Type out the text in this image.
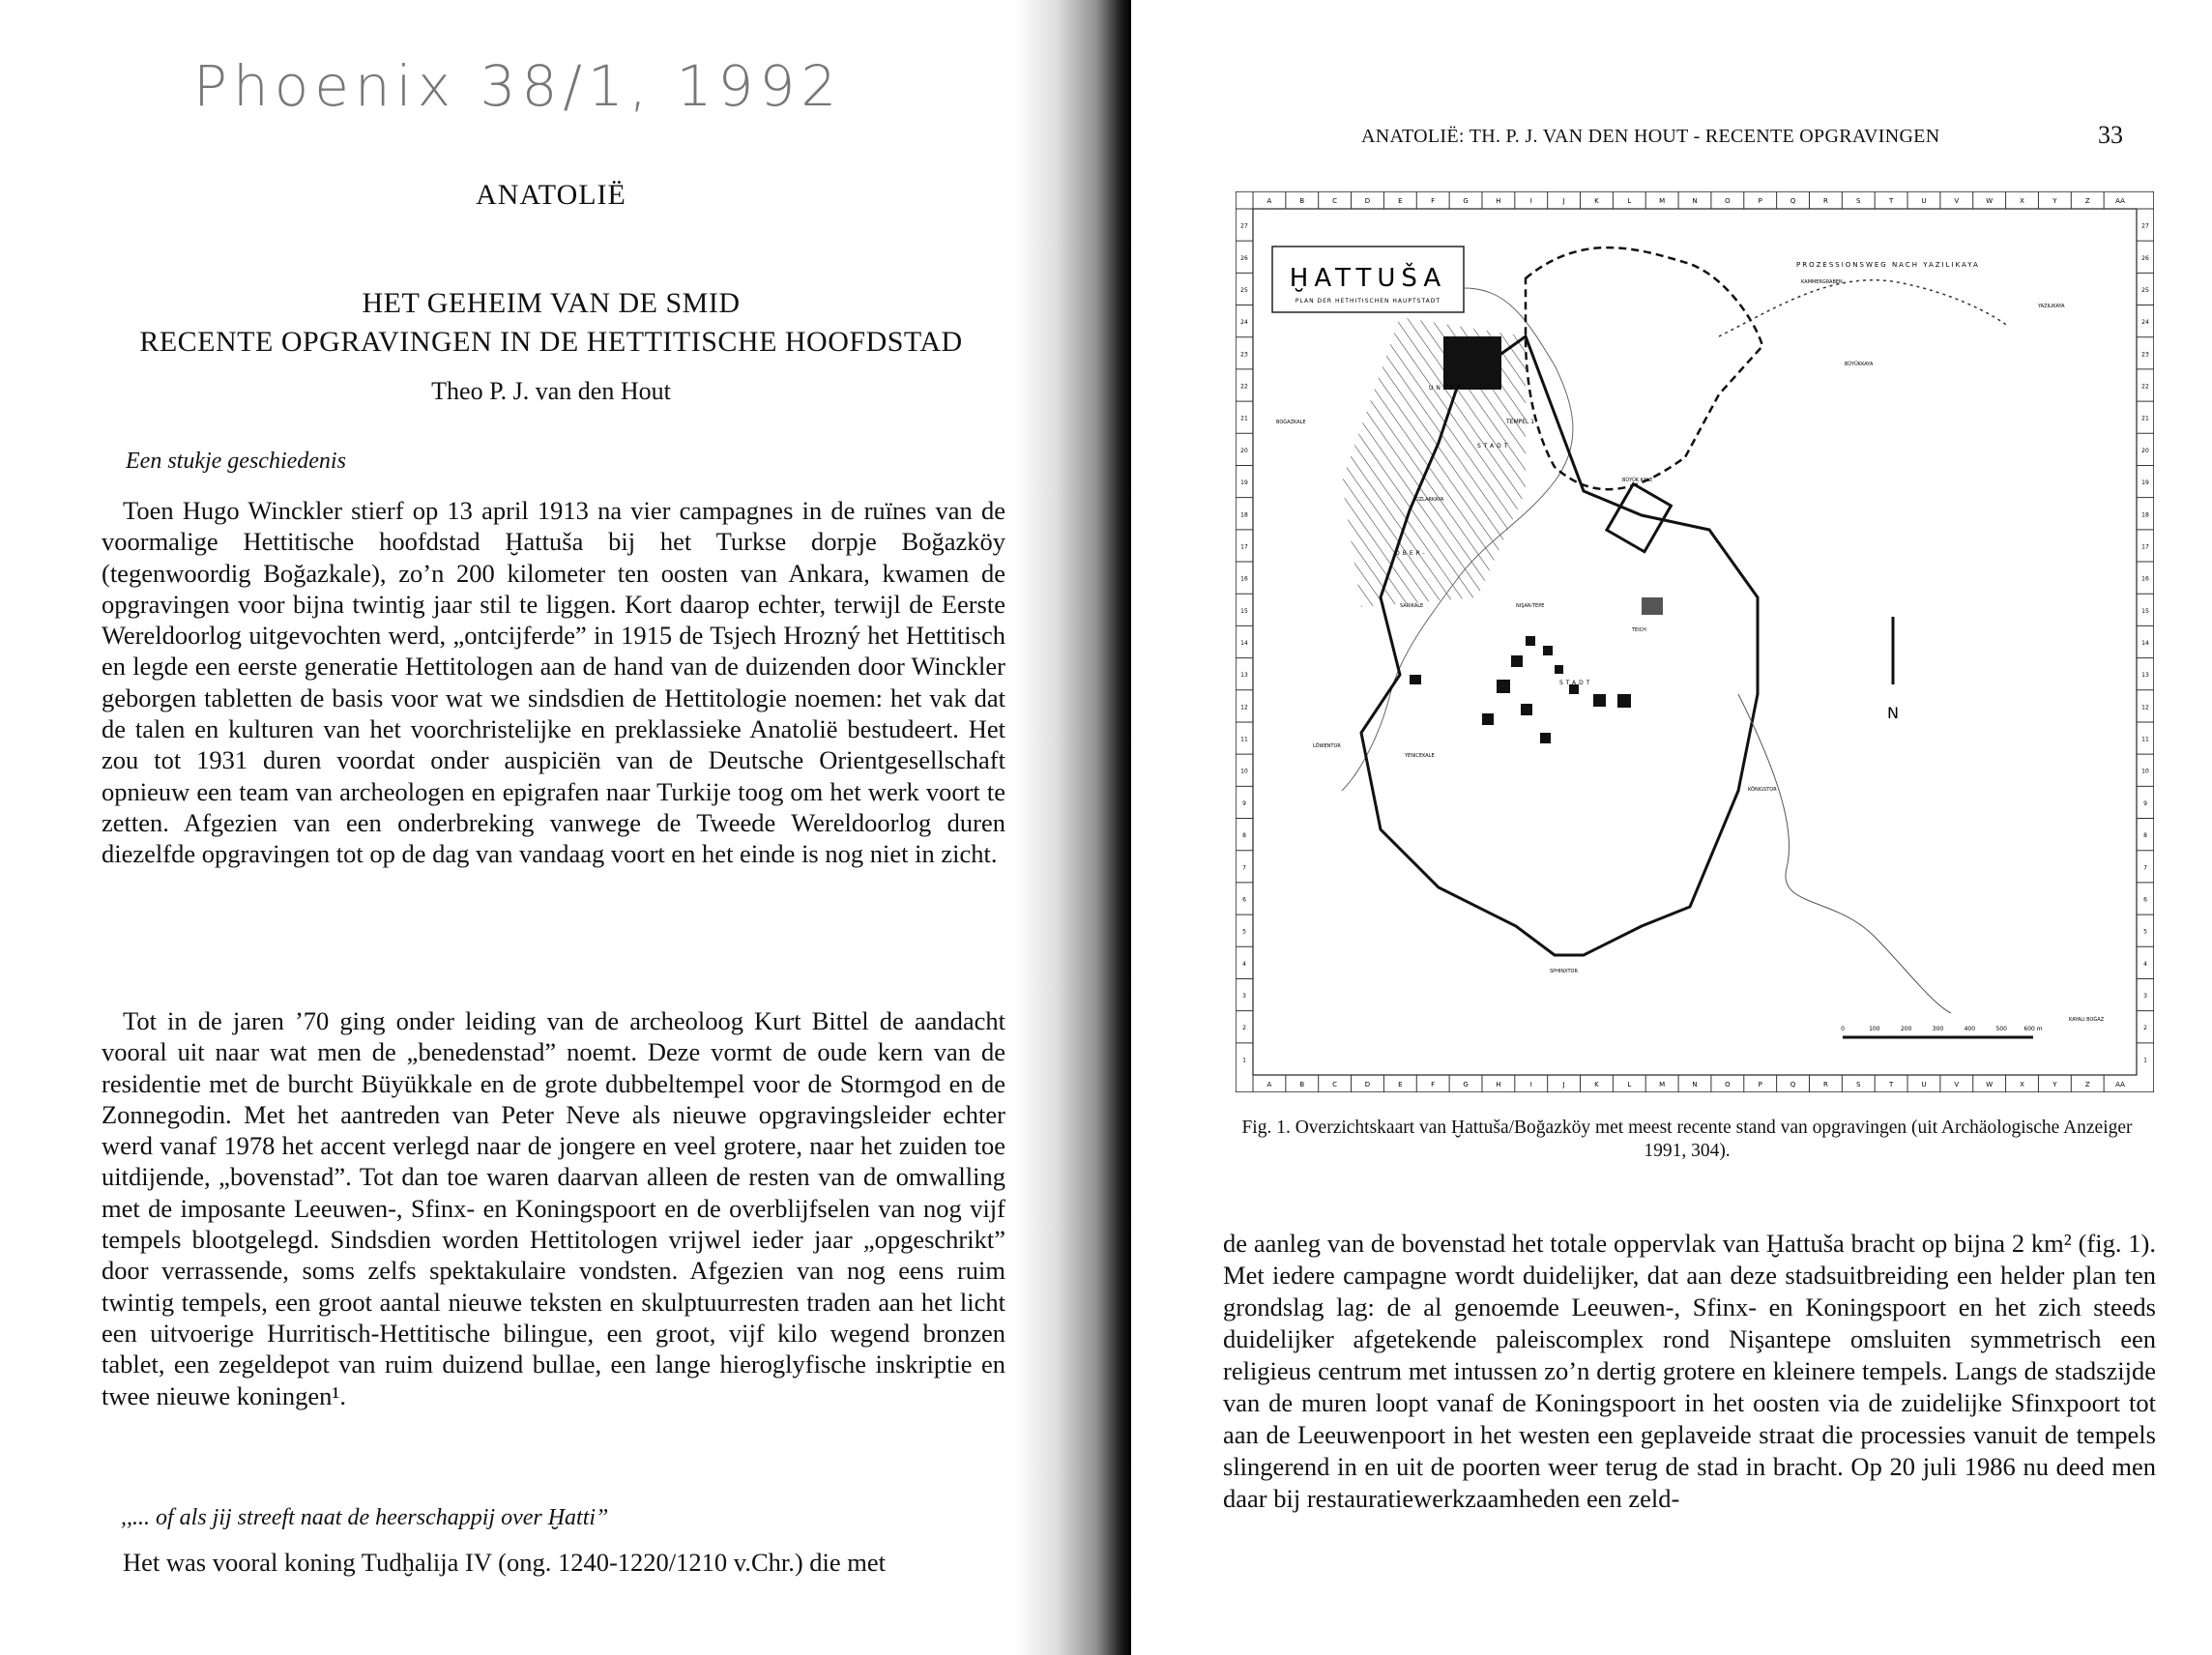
Phoenix 38/1, 1992
ANATOLIË
HET GEHEIM VAN DE SMID
RECENTE OPGRAVINGEN IN DE HETTITISCHE HOOFDSTAD
Theo P. J. van den Hout
Een stukje geschiedenis

Toen Hugo Winckler stierf op 13 april 1913 na vier campagnes in de ruïnes van de voormalige Hettitische hoofdstad Ḫattuša bij het Turkse dorpje Boğazköy (tegenwoordig Boğazkale), zo’n 200 kilometer ten oosten van Ankara, kwamen de opgravingen voor bijna twintig jaar stil te liggen. Kort daarop echter, terwijl de Eerste Wereldoorlog uitgevochten werd, „ontcijferde” in 1915 de Tsjech Hrozný het Hettitisch en legde een eerste generatie Hettitologen aan de hand van de duizenden door Winckler geborgen tabletten de basis voor wat we sindsdien de Hettitologie noemen: het vak dat de talen en kulturen van het voorchristelijke en preklassieke Anatolië bestudeert. Het zou tot 1931 duren voordat onder auspiciën van de Deutsche Orientgesellschaft opnieuw een team van archeologen en epigrafen naar Turkije toog om het werk voort te zetten. Afgezien van een onderbreking vanwege de Tweede Wereldoorlog duren diezelfde opgravingen tot op de dag van vandaag voort en het einde is nog niet in zicht.

Tot in de jaren ’70 ging onder leiding van de archeoloog Kurt Bittel de aandacht vooral uit naar wat men de „benedenstad” noemt. Deze vormt de oude kern van de residentie met de burcht Büyükkale en de grote dubbeltempel voor de Stormgod en de Zonnegodin. Met het aantreden van Peter Neve als nieuwe opgravingsleider echter werd vanaf 1978 het accent verlegd naar de jongere en veel grotere, naar het zuiden toe uitdijende, „bovenstad”. Tot dan toe waren daarvan alleen de resten van de omwalling met de imposante Leeuwen-, Sfinx- en Koningspoort en de overblijfselen van nog vijf tempels blootgelegd. Sindsdien worden Hettitologen vrijwel ieder jaar „opgeschrikt” door verrassende, soms zelfs spektakulaire vondsten. Afgezien van nog eens ruim twintig tempels, een groot aantal nieuwe teksten en skulptuurresten traden aan het licht een uitvoerige Hurritisch-Hettitische bilingue, een groot, vijf kilo wegend bronzen tablet, een zegeldepot van ruim duizend bullae, een lange hieroglyfische inskriptie en twee nieuwe koningen¹.

,,... of als jij streeft naat de heerschappij over Ḫatti”

Het was vooral koning Tudḫalija IV (ong. 1240-1220/1210 v.Chr.) die met

ANATOLIË: TH. P. J. VAN DEN HOUT - RECENTE OPGRAVINGEN	33
A
A
B
B
C
C
D
D
E
E
F
F
G
G
H
H
I
I
J
J
K
K
L
L
M
M
N
N
O
O
P
P
Q
Q
R
R
S
S
T
T
U
U
V
V
W
W
X
X
Y
Y
Z
Z
AA
AA
27	27
26	26
25	25
24	24
23	23
22	22
21	21
20	20
19	19
18	18
17	17
16	16
15	15
14	14
13	13
12	12
11	11
10	10
9	9
8	8
7	7
6	6
5	5
4	4
3	3
2	2
1	1
ḪATTUŠA
PLAN DER HETHITISCHEN HAUPTSTADT
PROZESSIONSWEG NACH YAZILIKAYA
KAMMERGRABEN
YAZILIKAYA
UNTER-
TEMPEL 1
STADT
BÜYÜK KALE
BÜYÜKKAYA
KIZLARKAYA
OBER-
STADT
NIŞAN-TEPE
SARIKALE
YENICEKALE
TEICH
LÖWENTOR
KÖNIGSTOR
SPHINXTOR
BOĞAZKALE
KAYALI BOĞAZ
N
0	100	200	300	400	500	600 m
Fig. 1. Overzichtskaart van Ḫattuša/Boğazköy met meest recente stand van opgravingen (uit Archäologische Anzeiger 1991, 304).

de aanleg van de bovenstad het totale oppervlak van Ḫattuša bracht op bijna 2 km² (fig. 1). Met iedere campagne wordt duidelijker, dat aan deze stadsuitbreiding een helder plan ten grondslag lag: de al genoemde Leeuwen-, Sfinx- en Koningspoort en het zich steeds duidelijker afgetekende paleiscomplex rond Nişantepe omsluiten symmetrisch een religieus centrum met intussen zo’n dertig grotere en kleinere tempels. Langs de stadszijde van de muren loopt vanaf de Koningspoort in het oosten via de zuidelijke Sfinxpoort tot aan de Leeuwenpoort in het westen een geplaveide straat die processies vanuit de tempels slingerend in en uit de poorten weer terug de stad in bracht. Op 20 juli 1986 nu deed men daar bij restauratiewerkzaamheden een zeld-
